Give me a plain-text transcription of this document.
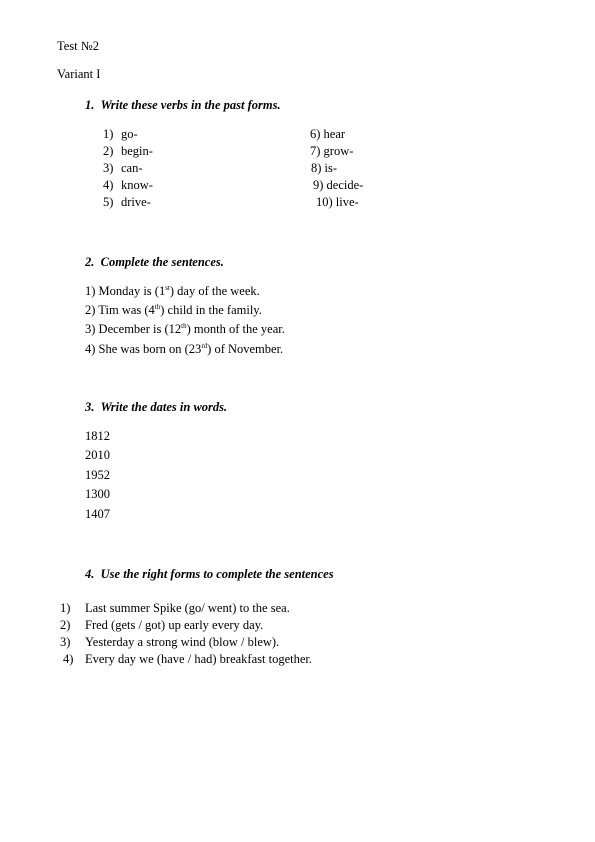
Test №2
Variant I
1. Write these verbs in the past forms.
1) go-
2) begin-
3) can-
4) know-
5) drive-
6) hear
7) grow-
8) is-
9) decide-
10) live-
2. Complete the sentences.
1) Monday is (1st) day of the week.
2) Tim was (4th) child in the family.
3) December is (12th) month of the year.
4) She was born on (23rd) of November.
3. Write the dates in words.
1812
2010
1952
1300
1407
4. Use the right forms to complete the sentences
1) Last summer Spike (go/ went) to the sea.
2) Fred (gets / got) up early every day.
3) Yesterday a strong wind (blow / blew).
4) Every day we (have / had) breakfast together.
